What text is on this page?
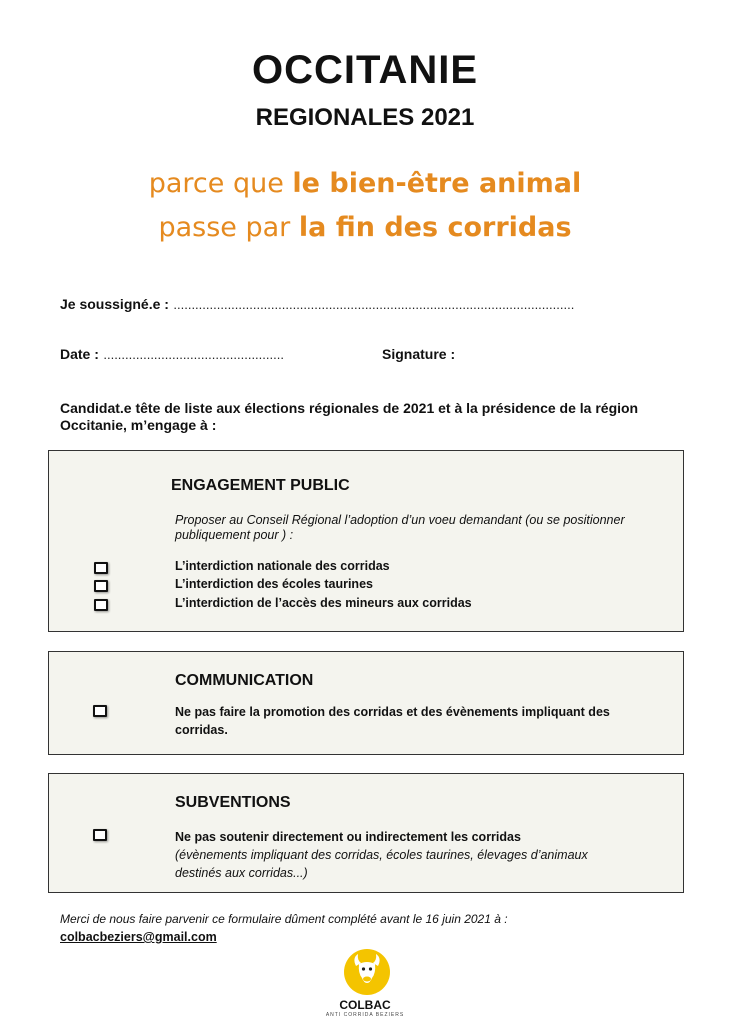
OCCITANIE
REGIONALES 2021
parce que le bien-être animal
passe par la fin des corridas
Je soussigné.e : ...............................................................................................................
Date : ..................................................	Signature :
Candidat.e tête de liste aux élections régionales de 2021 et à la présidence de la région Occitanie, m’engage à :
ENGAGEMENT PUBLIC
Proposer au Conseil Régional l’adoption d’un voeu demandant (ou se positionner publiquement pour ) :
L’interdiction nationale des corridas
L’interdiction des écoles taurines
L’interdiction de l’accès des mineurs aux corridas
COMMUNICATION
Ne pas faire la promotion des corridas et des évènements impliquant des corridas.
SUBVENTIONS
Ne pas soutenir directement ou indirectement les corridas
(évènements impliquant des corridas, écoles taurines, élevages d’animaux destinés aux corridas...)
Merci de nous faire parvenir ce formulaire dûment complété avant le 16 juin 2021 à :
colbacbeziers@gmail.com
COLBAC
ANTI CORRIDA BEZIERS
